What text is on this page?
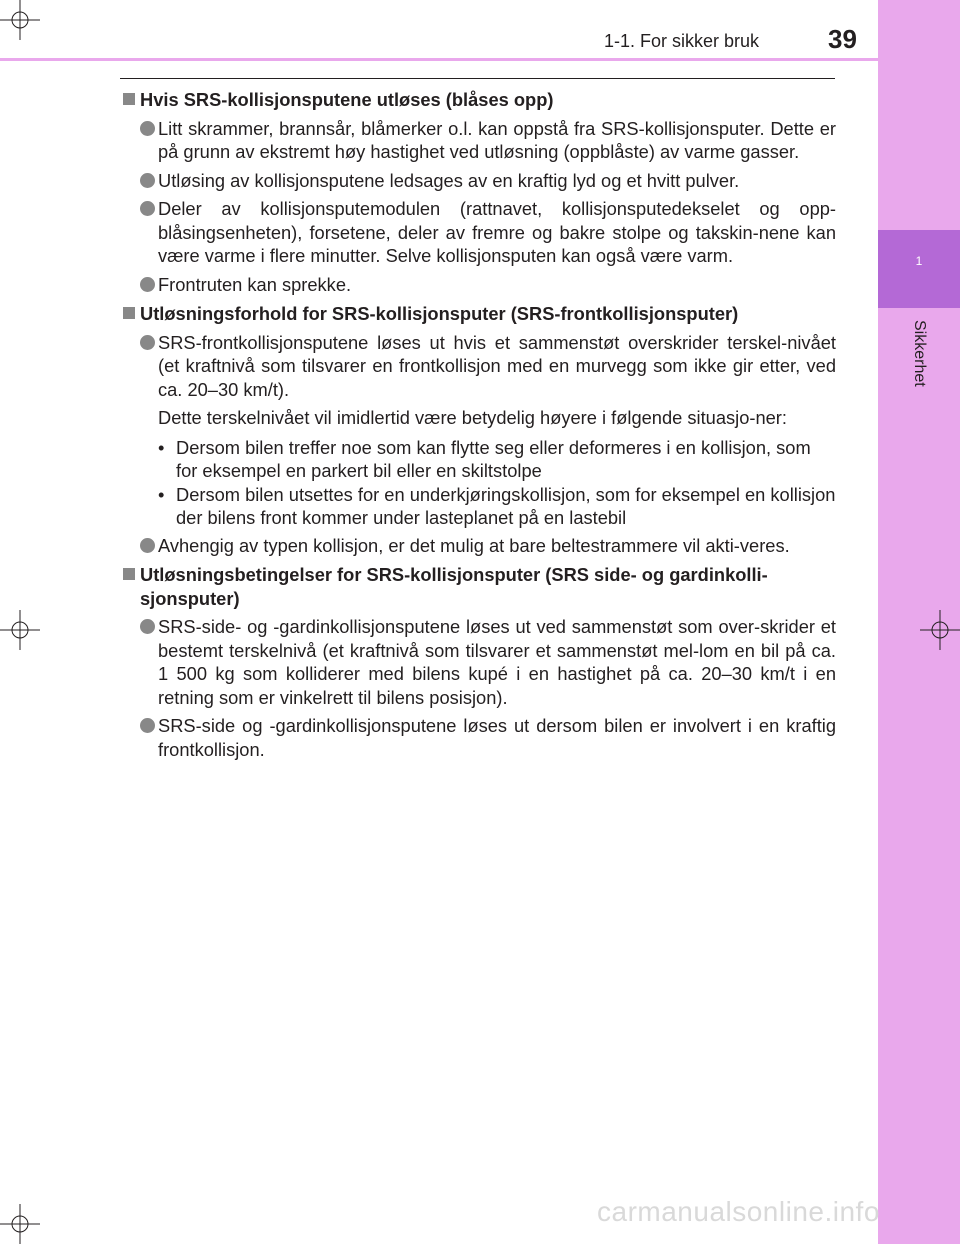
1-1. For sikker bruk	39
1
Sikkerhet
Hvis SRS-kollisjonsputene utløses (blåses opp)
Litt skrammer, brannsår, blåmerker o.l. kan oppstå fra SRS-kollisjonsputer. Dette er på grunn av ekstremt høy hastighet ved utløsning (oppblåste) av varme gasser.
Utløsing av kollisjonsputene ledsages av en kraftig lyd og et hvitt pulver.
Deler av kollisjonsputemodulen (rattnavet, kollisjonsputedekselet og opp-blåsingsenheten), forsetene, deler av fremre og bakre stolpe og takskin-nene kan være varme i flere minutter. Selve kollisjonsputen kan også være varm.
Frontruten kan sprekke.
Utløsningsforhold for SRS-kollisjonsputer (SRS-frontkollisjonsputer)
SRS-frontkollisjonsputene løses ut hvis et sammenstøt overskrider terskel-nivået (et kraftnivå som tilsvarer en frontkollisjon med en murvegg som ikke gir etter, ved ca. 20–30 km/t).
Dette terskelnivået vil imidlertid være betydelig høyere i følgende situasjo-ner:
• Dersom bilen treffer noe som kan flytte seg eller deformeres i en kollisjon, som for eksempel en parkert bil eller en skiltstolpe
• Dersom bilen utsettes for en underkjøringskollisjon, som for eksempel en kollisjon der bilens front kommer under lasteplanet på en lastebil
Avhengig av typen kollisjon, er det mulig at bare beltestrammere vil akti-veres.
Utløsningsbetingelser for SRS-kollisjonsputer (SRS side- og gardinkolli-sjonsputer)
SRS-side- og -gardinkollisjonsputene løses ut ved sammenstøt som over-skrider et bestemt terskelnivå (et kraftnivå som tilsvarer et sammenstøt mel-lom en bil på ca. 1 500 kg som kolliderer med bilens kupé i en hastighet på ca. 20–30 km/t i en retning som er vinkelrett til bilens posisjon).
SRS-side og -gardinkollisjonsputene løses ut dersom bilen er involvert i en kraftig frontkollisjon.
carmanualsonline.info
